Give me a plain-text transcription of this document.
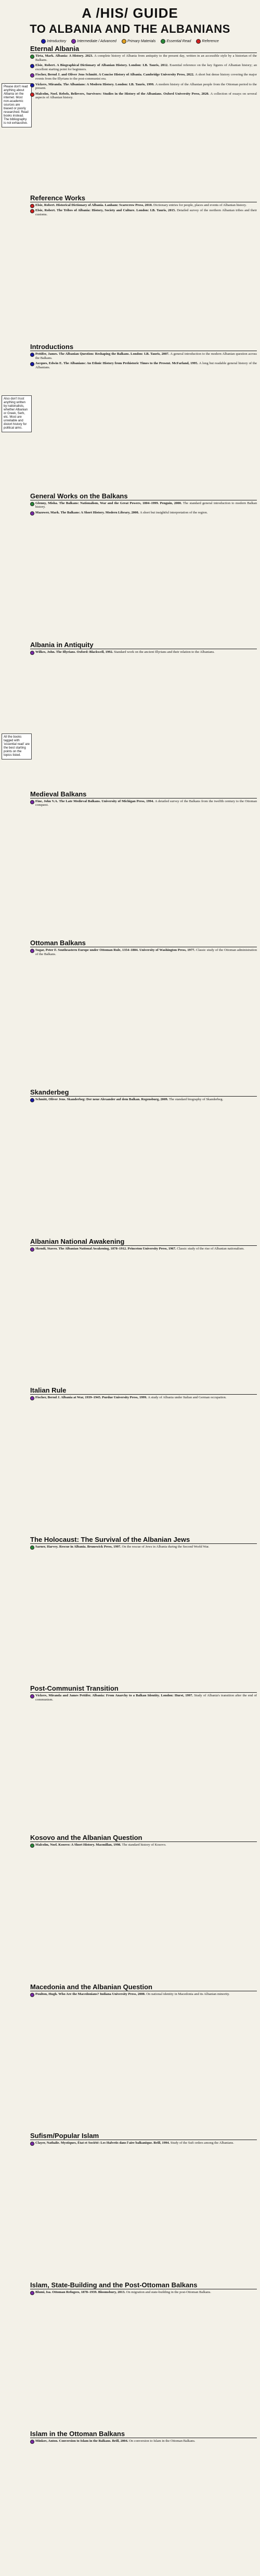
A /HIS/ GUIDE
TO ALBANIA AND THE ALBANIANS
Introductory	Intermediate / Advanced	Primary Materials	Essential Read	Reference
Please don't read anything about Albania on the internet. Most non-academic sources are biased or poorly researched. Read books instead. The bibliography is not exhaustive.
Also don't trust anything written by nationalists, whether Albanian or Greek, Serb, etc. Most are unreliable and distort history for political aims.
All the books tagged with 'essential read' are the best starting points on the topics listed.
Eternal Albania
Tirta, Mark. Albania: A History. 2023. A complete history of Albania from antiquity to the present day, written in an accessible style by a historian of the Balkans.
Elsie, Robert. A Biographical Dictionary of Albanian History. London: I.B. Tauris, 2012. Essential reference on the key figures of Albanian history; an excellent starting point for beginners.
Fischer, Bernd J. and Oliver Jens Schmitt. A Concise History of Albania. Cambridge University Press, 2022. A short but dense history covering the major events from the Illyrians to the post-communist era.
Vickers, Miranda. The Albanians: A Modern History. London: I.B. Tauris, 1999. A modern history of the Albanian people from the Ottoman period to the present.
Malcolm, Noel. Rebels, Believers, Survivors: Studies in the History of the Albanians. Oxford University Press, 2020. A collection of essays on several aspects of Albanian history.
Reference Works
Elsie, Robert. Historical Dictionary of Albania. Lanham: Scarecrow Press, 2010. Dictionary entries for people, places and events of Albanian history.
Elsie, Robert. The Tribes of Albania: History, Society and Culture. London: I.B. Tauris, 2015. Detailed survey of the northern Albanian tribes and their customs.
Introductions
Pettifer, James. The Albanian Question: Reshaping the Balkans. London: I.B. Tauris, 2007. A general introduction to the modern Albanian question across the Balkans.
Jacques, Edwin E. The Albanians: An Ethnic History from Prehistoric Times to the Present. McFarland, 1995. A long but readable general history of the Albanians.
General Works on the Balkans
Glenny, Misha. The Balkans: Nationalism, War and the Great Powers, 1804–1999. Penguin, 2000. The standard general introduction to modern Balkan history.
Mazower, Mark. The Balkans: A Short History. Modern Library, 2000. A short but insightful interpretation of the region.
Albania in Antiquity
Wilkes, John. The Illyrians. Oxford: Blackwell, 1992. Standard work on the ancient Illyrians and their relation to the Albanians.
Medieval Balkans
Fine, John V.A. The Late Medieval Balkans. University of Michigan Press, 1994. A detailed survey of the Balkans from the twelfth century to the Ottoman conquest.
Ottoman Balkans
Sugar, Peter F. Southeastern Europe under Ottoman Rule, 1354–1804. University of Washington Press, 1977. Classic study of the Ottoman administration of the Balkans.
Skanderbeg
Schmitt, Oliver Jens. Skanderbeg: Der neue Alexander auf dem Balkan. Regensburg, 2009. The standard biography of Skanderbeg.
Albanian National Awakening
Skendi, Stavro. The Albanian National Awakening, 1878–1912. Princeton University Press, 1967. Classic study of the rise of Albanian nationalism.
Italian Rule
Fischer, Bernd J. Albania at War, 1939–1945. Purdue University Press, 1999. A study of Albania under Italian and German occupation.
The Holocaust: The Survival of the Albanian Jews
Sarner, Harvey. Rescue in Albania. Brunswick Press, 1997. On the rescue of Jews in Albania during the Second World War.
Post-Communist Transition
Vickers, Miranda and James Pettifer. Albania: From Anarchy to a Balkan Identity. London: Hurst, 1997. Study of Albania's transition after the end of communism.
Kosovo and the Albanian Question
Malcolm, Noel. Kosovo: A Short History. Macmillan, 1998. The standard history of Kosovo.
Macedonia and the Albanian Question
Poulton, Hugh. Who Are the Macedonians? Indiana University Press, 2000. On national identity in Macedonia and its Albanian minority.
Sufism/Popular Islam
Clayer, Nathalie. Mystiques, État et Société: Les Halvetis dans l'aire balkanique. Brill, 1994. Study of the Sufi orders among the Albanians.
Islam, State-Building and the Post-Ottoman Balkans
Blumi, Isa. Ottoman Refugees, 1878–1939. Bloomsbury, 2013. On migration and state-building in the post-Ottoman Balkans.
Islam in the Ottoman Balkans
Minkov, Anton. Conversion to Islam in the Balkans. Brill, 2004. On conversion to Islam in the Ottoman Balkans.
